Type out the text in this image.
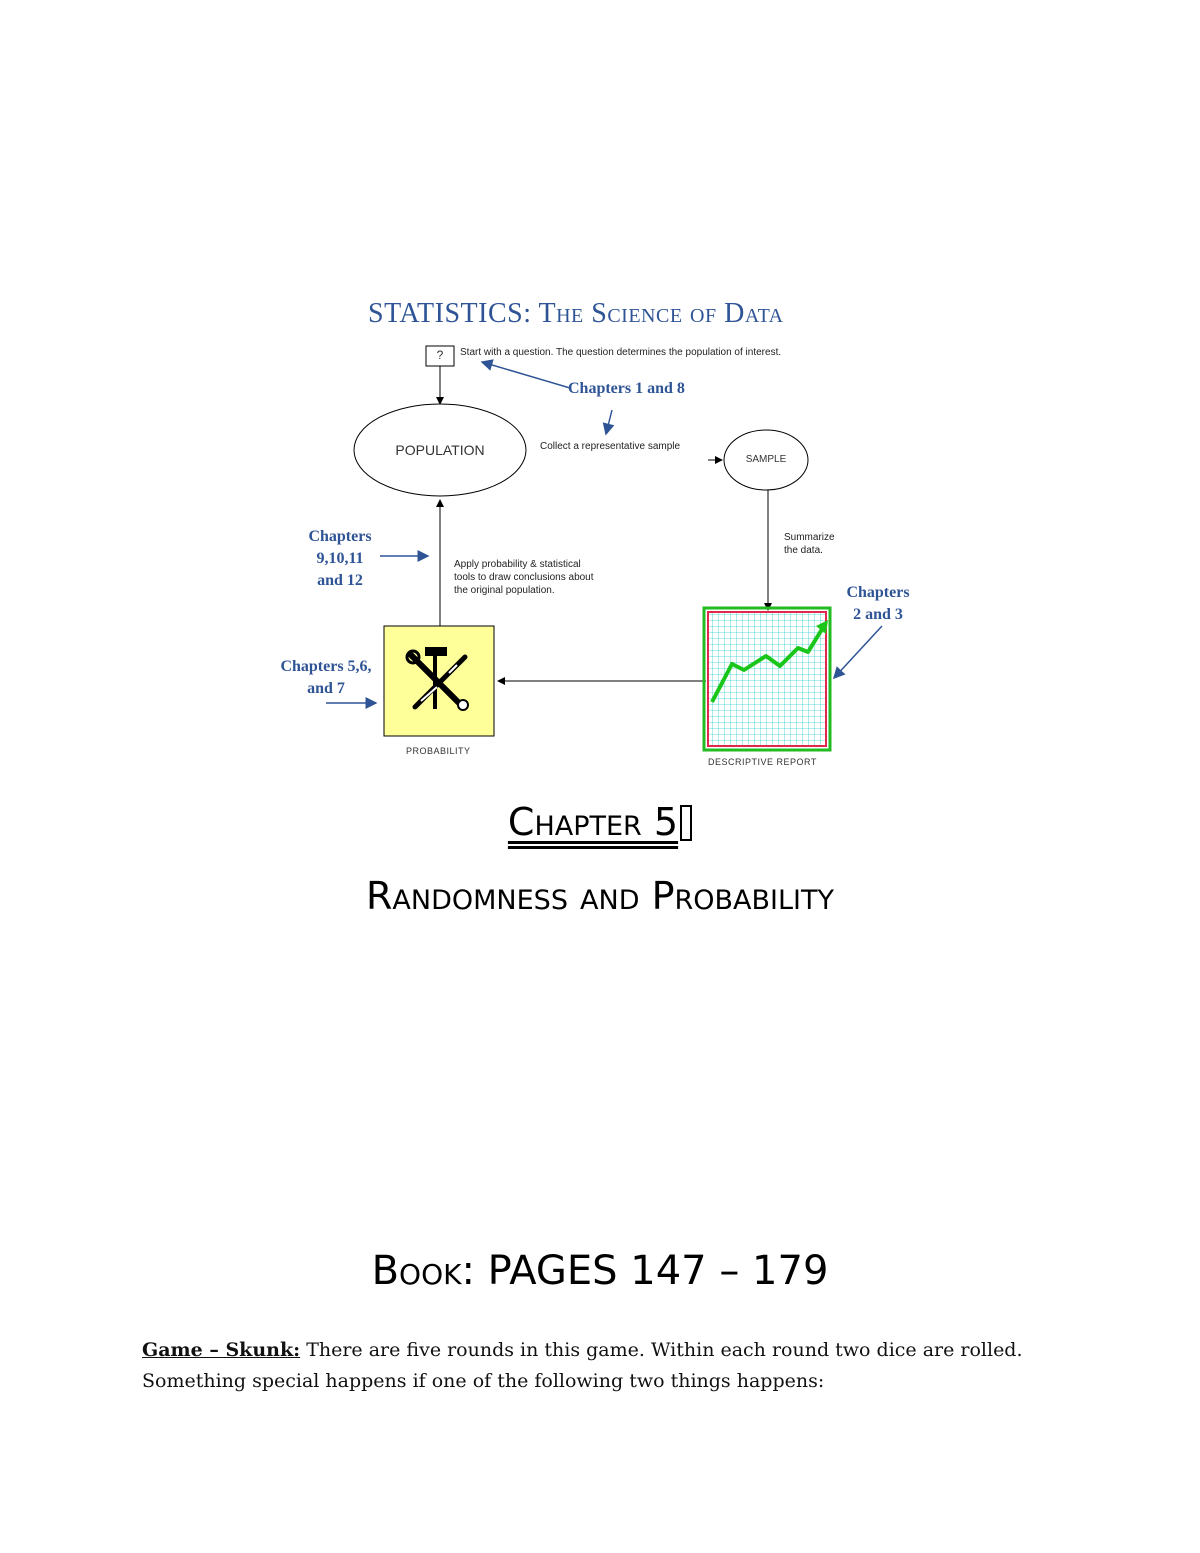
STATISTICS: The Science of Data
?	Start with a question. The question determines the population of interest.
POPULATION
SAMPLE
Collect a representative sample
Summarize
the data.
Apply probability & statistical
tools to draw conclusions about
the original population.
Chapters 1 and 8
Chapters
9,10,11
and 12
Chapters
2 and 3
Chapters 5,6,
and 7
PROBABILITY
DESCRIPTIVE REPORT
Chapter 5
Randomness and Probability
Book: PAGES 147 – 179
Game – Skunk: There are five rounds in this game. Within each round two dice are rolled. Something special happens if one of the following two things happens:
